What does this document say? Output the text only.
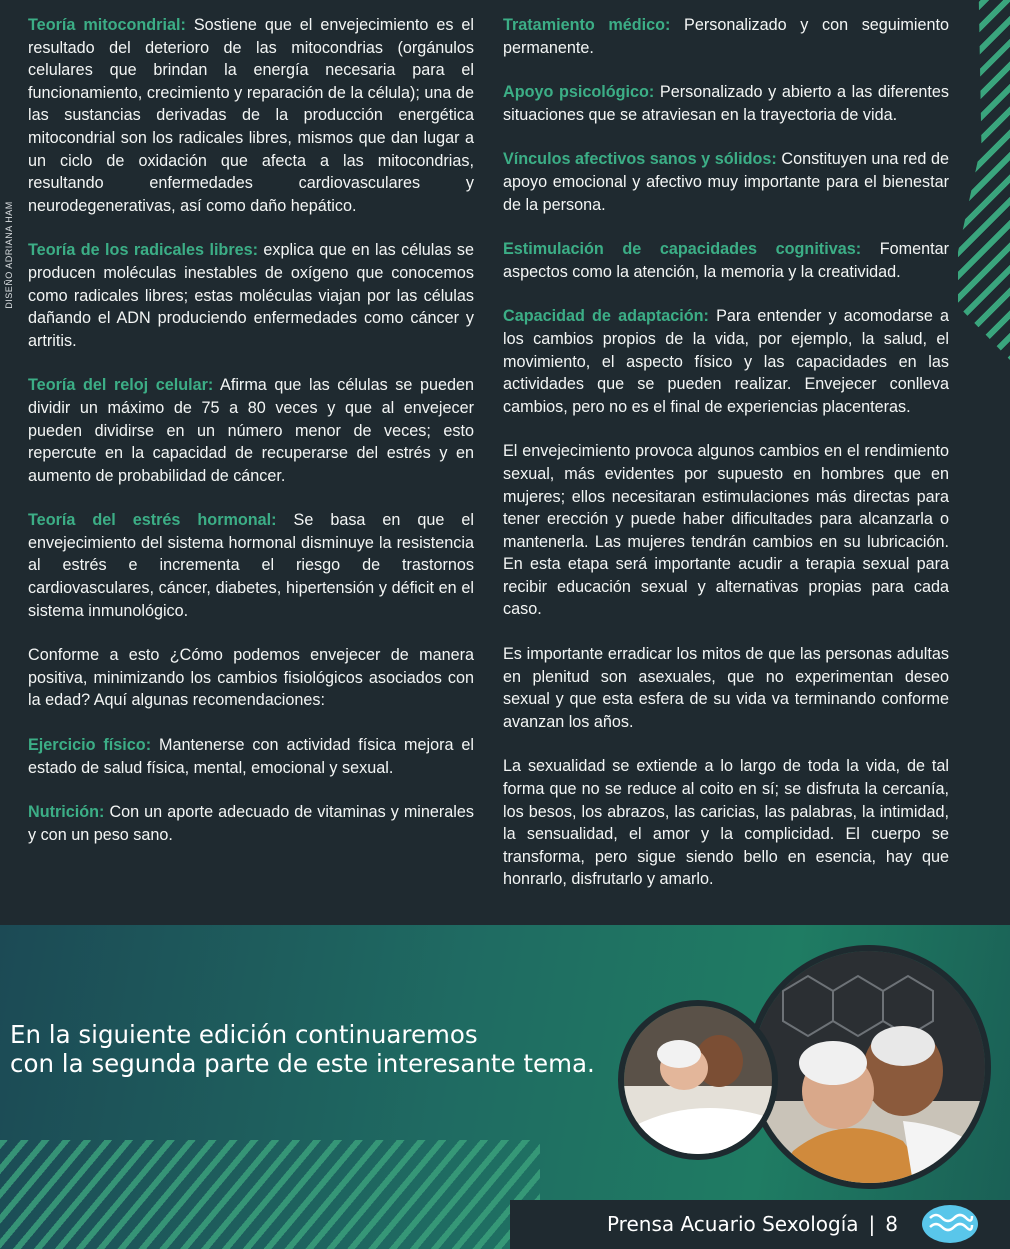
DISEÑO ADRIANA HAM

Teoría mitocondrial: Sostiene que el envejecimiento es el resultado del deterioro de las mitocondrias (orgánulos celulares que brindan la energía necesaria para el funcionamiento, crecimiento y reparación de la célula); una de las sustancias derivadas de la producción energética mitocondrial son los radicales libres, mismos que dan lugar a un ciclo de oxidación que afecta a las mitocondrias, resultando enfermedades cardiovasculares y neurodegenerativas, así como daño hepático.

Teoría de los radicales libres: explica que en las células se producen moléculas inestables de oxígeno que conocemos como radicales libres; estas moléculas viajan por las células dañando el ADN produciendo enfermedades como cáncer y artritis.

Teoría del reloj celular: Afirma que las células se pueden dividir un máximo de 75 a 80 veces y que al envejecer pueden dividirse en un número menor de veces; esto repercute en la capacidad de recuperarse del estrés y en aumento de probabilidad de cáncer.

Teoría del estrés hormonal: Se basa en que el envejecimiento del sistema hormonal disminuye la resistencia al estrés e incrementa el riesgo de trastornos cardiovasculares, cáncer, diabetes, hipertensión y déficit en el sistema inmunológico.

Conforme a esto ¿Cómo podemos envejecer de manera positiva, minimizando los cambios fisiológicos asociados con la edad? Aquí algunas recomendaciones:

Ejercicio físico: Mantenerse con actividad física mejora el estado de salud física, mental, emocional y sexual.

Nutrición: Con un aporte adecuado de vitaminas y minerales y con un peso sano.

Tratamiento médico: Personalizado y con seguimiento permanente.

Apoyo psicológico: Personalizado y abierto a las diferentes situaciones que se atraviesan en la trayectoria de vida.

Vínculos afectivos sanos y sólidos: Constituyen una red de apoyo emocional y afectivo muy importante para el bienestar de la persona.

Estimulación de capacidades cognitivas: Fomentar aspectos como la atención, la memoria y la creatividad.

Capacidad de adaptación: Para entender y acomodarse a los cambios propios de la vida, por ejemplo, la salud, el movimiento, el aspecto físico y las capacidades en las actividades que se pueden realizar. Envejecer conlleva cambios, pero no es el final de experiencias placenteras.

El envejecimiento provoca algunos cambios en el rendimiento sexual, más evidentes por supuesto en hombres que en mujeres; ellos necesitaran estimulaciones más directas para tener erección y puede haber dificultades para alcanzarla o mantenerla. Las mujeres tendrán cambios en su lubricación. En esta etapa será importante acudir a terapia sexual para recibir educación sexual y alternativas propias para cada caso.

Es importante erradicar los mitos de que las personas adultas en plenitud son asexuales, que no experimentan deseo sexual y que esta esfera de su vida va terminando conforme avanzan los años.

La sexualidad se extiende a lo largo de toda la vida, de tal forma que no se reduce al coito en sí; se disfruta la cercanía, los besos, los abrazos, las caricias, las palabras, la intimidad, la sensualidad, el amor y la complicidad. El cuerpo se transforma, pero sigue siendo bello en esencia, hay que honrarlo, disfrutarlo y amarlo.

En la siguiente edición continuaremos
con la segunda parte de este interesante tema.
Prensa Acuario Sexología | 8
